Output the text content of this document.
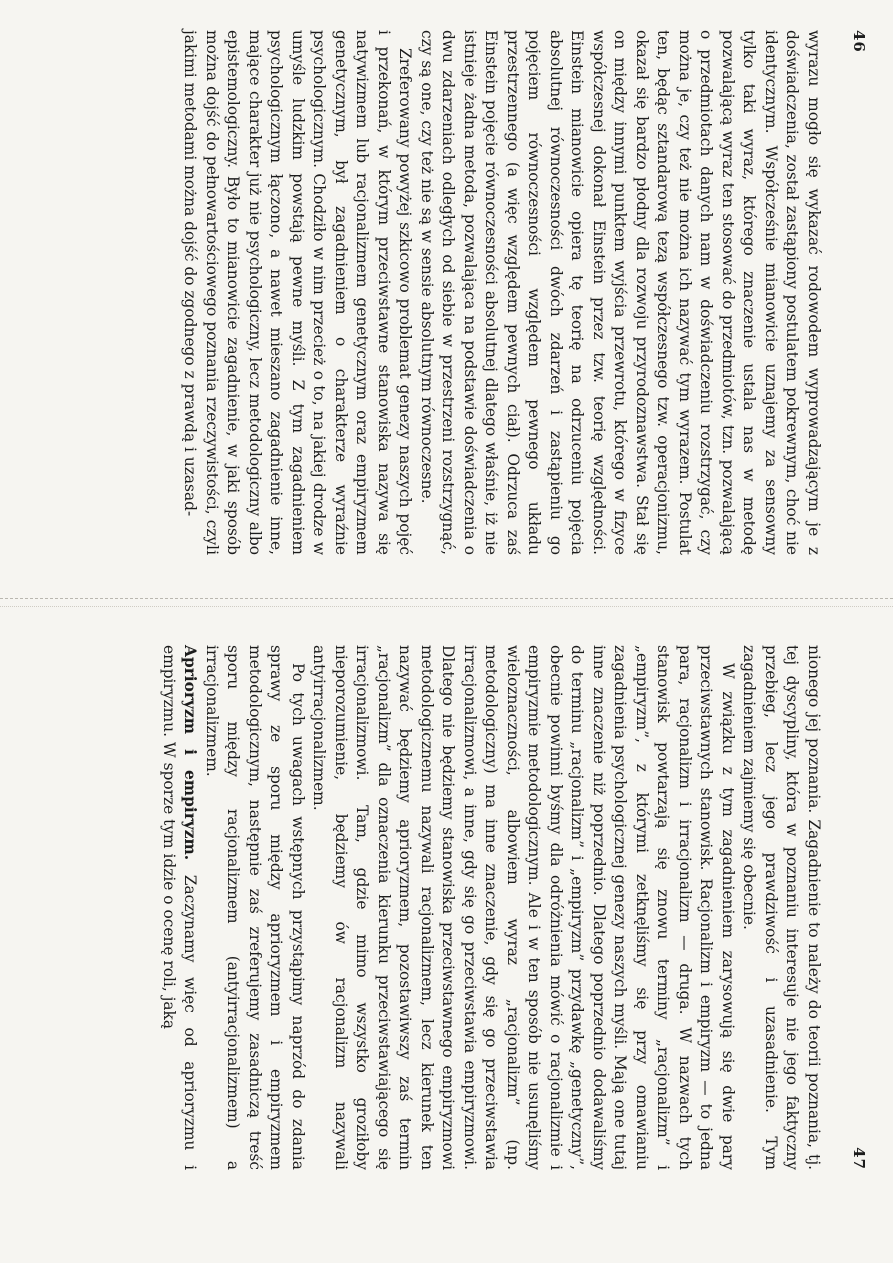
46

wyrazu mogło się wykazać rodowodem wyprowadzającym je z doświadczenia, został zastąpiony postulatem pokrewnym, choć nie identycznym. Współcześnie mianowicie uznajemy za sensowny tylko taki wyraz, którego znaczenie ustala nas w metodę pozwalającą wyraz ten stosować do przedmiotów, tzn. pozwalającą o przedmiotach danych nam w doświadczeniu rozstrzygać, czy można je, czy też nie można ich nazywać tym wyrazem. Postulat ten, będąc sztandarową tezą współczesnego tzw. operacjonizmu, okazał się bardzo płodny dla rozwoju przyrodoznawstwa. Stał się on między innymi punktem wyjścia przewrotu, którego w fizyce współczesnej dokonał Einstein przez tzw. teorię względności. Einstein mianowicie opiera tę teorię na odrzuceniu pojęcia absolutnej równoczesności dwóch zdarzeń i zastąpieniu go pojęciem równoczesności względem pewnego układu przestrzennego (a więc względem pewnych ciał). Odrzuca zaś Einstein pojęcie równoczesności absolutnej dlatego właśnie, iż nie istnieje żadna metoda, pozwalająca na podstawie doświadczenia o dwu zdarzeniach odległych od siebie w przestrzeni rozstrzygnąć, czy są one, czy też nie są w sensie absolutnym równoczesne.

Zreferowany powyżej szkicowo problemat genezy naszych pojęć i przekonań, w którym przeciwstawne stanowiska nazywa się natywizmem lub racjonalizmem genetycznym oraz empiryzmem genetycznym, był zagadnieniem o charakterze wyraźnie psychologicznym. Chodziło w nim przecież o to, na jakiej drodze w umyśle ludzkim powstają pewne myśli. Z tym zagadnieniem psychologicznym łączono, a nawet mieszano zagadnienie inne, mające charakter już nie psychologiczny, lecz metodologiczny albo epistemologiczny. Było to mianowicie zagadnienie, w jaki sposób można dojść do pełnowartościowego poznania rzeczywistości, czyli jakimi metodami można dojść do zgodnego z prawdą i uzasad-

47

nionego jej poznania. Zagadnienie to należy do teorii poznania, tj. tej dyscypliny, która w poznaniu interesuje nie jego faktyczny przebieg, lecz jego prawdziwość i uzasadnienie. Tym zagadnieniem zajmiemy się obecnie.

W związku z tym zagadnieniem zarysowują się dwie pary przeciwstawnych stanowisk. Racjonalizm i empiryzm — to jedna para, racjonalizm i irracjonalizm — druga. W nazwach tych stanowisk powtarzają się znowu terminy „racjonalizm” i „empiryzm”, z którymi zetknęliśmy się przy omawianiu zagadnienia psychologicznej genezy naszych myśli. Mają one tutaj inne znaczenie niż poprzednio. Dlatego poprzednio dodawaliśmy do terminu „racjonalizm” i „empiryzm” przydawkę „genetyczny”, obecnie powinni byśmy dla odróżnienia mówić o racjonalizmie i empiryzmie metodologicznym. Ale i w ten sposób nie usunęliśmy wieloznaczności, albowiem wyraz „racjonalizm” (np. metodologiczny) ma inne znaczenie, gdy się go przeciwstawia irracjonalizmowi, a inne, gdy się go przeciwstawia empiryzmowi. Dlatego nie będziemy stanowiska przeciwstawnego empiryzmowi metodologicznemu nazywali racjonalizmem, lecz kierunek ten nazywać będziemy aprioryzmem, pozostawiwszy zaś termin „racjonalizm” dla oznaczenia kierunku przeciwstawiającego się irracjonalizmowi. Tam, gdzie mimo wszystko groziłoby nieporozumienie, będziemy ów racjonalizm nazywali antyirracjonalizmem.

Po tych uwagach wstępnych przystąpimy naprzód do zdania sprawy ze sporu między aprioryzmem i empiryzmem metodologicznym, następnie zaś zreferujemy zasadniczą treść sporu między racjonalizmem (antyirracjonalizmem) a irracjonalizmem.

Aprioryzm i empiryzm. Zaczynamy więc od aprioryzmu i empiryzmu. W sporze tym idzie o ocenę roli, jaką
